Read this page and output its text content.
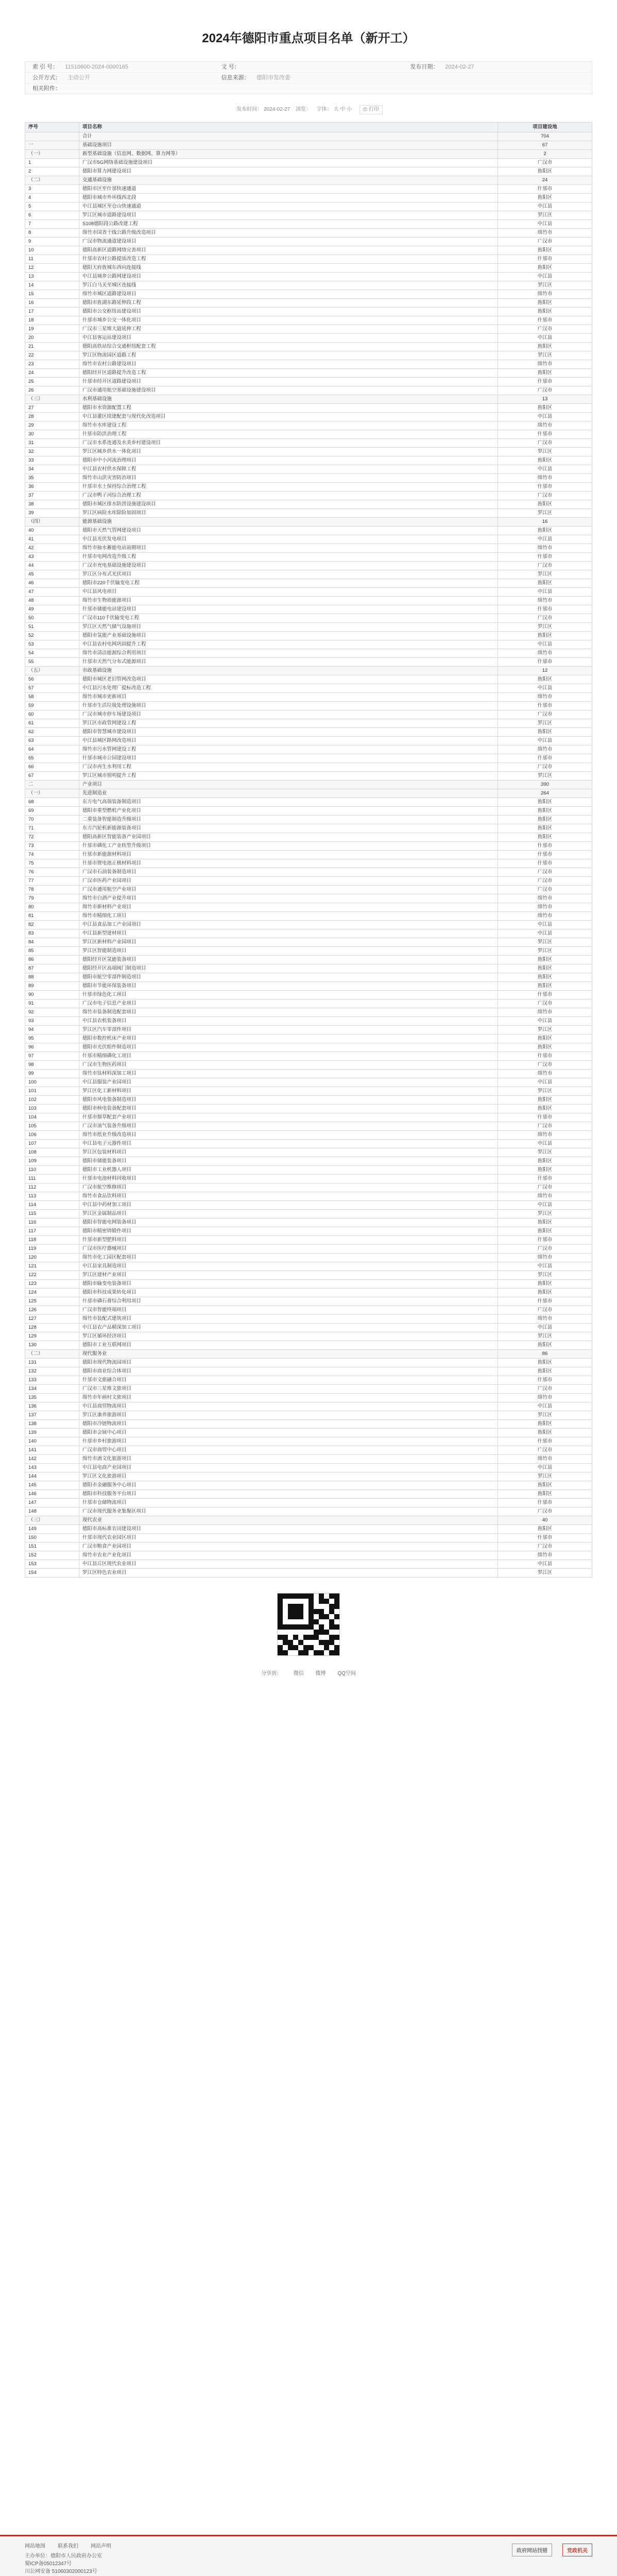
2024年德阳市重点项目名单（新开工）
索 引 号： 11510600-2024-0000165	文 号：	发布日期： 2024-02-27
公开方式： 主动公开	信息来源： 德阳市发改委
相关附件：
发布时间： 2024-02-27 浏览： 字体： 大 中 小 ⎙ 打印
序号	项目名称	项目建设地
	合计	704
一	基础设施项目	67
（一）	新型基础设施（信息网、数据网、算力网等）	2
1	广汉市5G网络基础设施建设项目	广汉市
2	德阳市算力网建设项目	旌阳区
（二）	交通基础设施	24
3	德阳市区至什邡快速通道	什邡市
4	德阳市城市外环线西北段	旌阳区
5	中江县城区至仓山快速通道	中江县
6	罗江区城市道路建设项目	罗江区
7	S108德阳段公路改建工程	中江县
8	绵竹市国省干线公路升级改造项目	绵竹市
9	广汉市物流通道建设项目	广汉市
10	德阳高新区道路网络完善项目	旌阳区
11	什邡市农村公路提质改造工程	什邡市
12	德阳天府旌城东西向连接线	旌阳区
13	中江县城乡公路网建设项目	中江县
14	罗江白马关至城区连接线	罗江区
15	绵竹市城区道路建设项目	绵竹市
16	德阳市旌湖东路延伸段工程	旌阳区
17	德阳市公交枢纽站建设项目	旌阳区
18	什邡市城乡公交一体化项目	什邡市
19	广汉市三星堆大道延伸工程	广汉市
20	中江县客运站建设项目	中江县
21	德阳高铁站综合交通枢纽配套工程	旌阳区
22	罗江区物流园区道路工程	罗江区
23	绵竹市农村公路建设项目	绵竹市
24	德阳经开区道路提升改造工程	旌阳区
25	什邡市经开区道路建设项目	什邡市
26	广汉市通用航空基础设施建设项目	广汉市
（三）	水利基础设施	13
27	德阳市水资源配置工程	旌阳区
28	中江县灌区续建配套与现代化改造项目	中江县
29	绵竹市水库建设工程	绵竹市
30	什邡市防洪治理工程	什邡市
31	广汉市水系连通及水美乡村建设项目	广汉市
32	罗江区城乡供水一体化项目	罗江区
33	德阳市中小河流治理项目	旌阳区
34	中江县农村供水保障工程	中江县
35	绵竹市山洪灾害防治项目	绵竹市
36	什邡市水土保持综合治理工程	什邡市
37	广汉市鸭子河综合治理工程	广汉市
38	德阳市城区排水防涝设施建设项目	旌阳区
39	罗江区病险水库除险加固项目	罗江区
（四）	能源基础设施	16
40	德阳市天然气管网建设项目	旌阳区
41	中江县光伏发电项目	中江县
42	绵竹市抽水蓄能电站前期项目	绵竹市
43	什邡市电网改造升级工程	什邡市
44	广汉市充电基础设施建设项目	广汉市
45	罗江区分布式光伏项目	罗江区
46	德阳市220千伏输变电工程	旌阳区
47	中江县风电项目	中江县
48	绵竹市生物质能源项目	绵竹市
49	什邡市储能电站建设项目	什邡市
50	广汉市110千伏输变电工程	广汉市
51	罗江区天然气储气设施项目	罗江区
52	德阳市氢能产业基础设施项目	旌阳区
53	中江县农村电网巩固提升工程	中江县
54	绵竹市清洁能源综合利用项目	绵竹市
55	什邡市天然气分布式能源项目	什邡市
（五）	市政基础设施	12
56	德阳市城区老旧管网改造项目	旌阳区
57	中江县污水处理厂提标改造工程	中江县
58	绵竹市城市更新项目	绵竹市
59	什邡市生活垃圾处理设施项目	什邡市
60	广汉市城市停车场建设项目	广汉市
61	罗江区市政管网建设工程	罗江区
62	德阳市智慧城市建设项目	旌阳区
63	中江县城区路网改造项目	中江县
64	绵竹市污水管网建设工程	绵竹市
65	什邡市城市公园建设项目	什邡市
66	广汉市再生水利用工程	广汉市
67	罗江区城市照明提升工程	罗江区
二	产业项目	390
（一）	先进制造业	264
68	东方电气高端装备制造项目	旌阳区
69	德阳市重型燃机产业化项目	旌阳区
70	二重装备智能制造升级项目	旌阳区
71	东方汽轮机新能源装备项目	旌阳区
72	德阳高新区智能装备产业园项目	旌阳区
73	什邡市磷化工产业转型升级项目	什邡市
74	什邡市新能源材料项目	什邡市
75	什邡市锂电池正极材料项目	什邡市
76	广汉市石油装备制造项目	广汉市
77	广汉市医药产业园项目	广汉市
78	广汉市通用航空产业项目	广汉市
79	绵竹市白酒产业提升项目	绵竹市
80	绵竹市新材料产业项目	绵竹市
81	绵竹市精细化工项目	绵竹市
82	中江县食品加工产业园项目	中江县
83	中江县新型建材项目	中江县
84	罗江区新材料产业园项目	罗江区
85	罗江区智能制造项目	罗江区
86	德阳经开区氢能装备项目	旌阳区
87	德阳经开区高端阀门制造项目	旌阳区
88	德阳市航空零部件制造项目	旌阳区
89	德阳市节能环保装备项目	旌阳区
90	什邡市绿色化工项目	什邡市
91	广汉市电子信息产业项目	广汉市
92	绵竹市装备制造配套项目	绵竹市
93	中江县农机装备项目	中江县
94	罗江区汽车零部件项目	罗江区
95	德阳市数控机床产业项目	旌阳区
96	德阳市光伏组件制造项目	旌阳区
97	什邡市精细磷化工项目	什邡市
98	广汉市生物医药项目	广汉市
99	绵竹市钛材料深加工项目	绵竹市
100	中江县服装产业园项目	中江县
101	罗江区化工新材料项目	罗江区
102	德阳市风电装备制造项目	旌阳区
103	德阳市核电装备配套项目	旌阳区
104	什邡市烟草配套产业项目	什邡市
105	广汉市油气装备升级项目	广汉市
106	绵竹市纸业升级改造项目	绵竹市
107	中江县电子元器件项目	中江县
108	罗江区包装材料项目	罗江区
109	德阳市储能装备项目	旌阳区
110	德阳市工业机器人项目	旌阳区
111	什邡市电池材料回收项目	什邡市
112	广汉市航空维修项目	广汉市
113	绵竹市食品饮料项目	绵竹市
114	中江县中药材加工项目	中江县
115	罗江区金属制品项目	罗江区
116	德阳市智能电网装备项目	旌阳区
117	德阳市精密铸锻件项目	旌阳区
118	什邡市新型肥料项目	什邡市
119	广汉市医疗器械项目	广汉市
120	绵竹市化工园区配套项目	绵竹市
121	中江县家具制造项目	中江县
122	罗江区建材产业项目	罗江区
123	德阳市输变电装备项目	旌阳区
124	德阳市科技成果转化项目	旌阳区
125	什邡市磷石膏综合利用项目	什邡市
126	广汉市智能终端项目	广汉市
127	绵竹市装配式建筑项目	绵竹市
128	中江县农产品精深加工项目	中江县
129	罗江区循环经济项目	罗江区
130	德阳市工业互联网项目	旌阳区
（二）	现代服务业	86
131	德阳市现代物流园项目	旌阳区
132	德阳市商业综合体项目	旌阳区
133	什邡市文旅融合项目	什邡市
134	广汉市三星堆文旅项目	广汉市
135	绵竹市年画村文旅项目	绵竹市
136	中江县商贸物流项目	中江县
137	罗江区康养旅游项目	罗江区
138	德阳市冷链物流项目	旌阳区
139	德阳市会展中心项目	旌阳区
140	什邡市乡村旅游项目	什邡市
141	广汉市商贸中心项目	广汉市
142	绵竹市酒文化旅游项目	绵竹市
143	中江县电商产业园项目	中江县
144	罗江区文化旅游项目	罗江区
145	德阳市金融服务中心项目	旌阳区
146	德阳市科技服务平台项目	旌阳区
147	什邡市仓储物流项目	什邡市
148	广汉市现代服务业集聚区项目	广汉市
（三）	现代农业	40
149	德阳市高标准农田建设项目	旌阳区
150	什邡市现代农业园区项目	什邡市
151	广汉市粮食产业园项目	广汉市
152	绵竹市农业产业化项目	绵竹市
153	中江县丘区现代农业项目	中江县
154	罗江区特色农业项目	罗江区
分享到： 微信 微博 QQ空间
网站地图 联系我们 网站声明
主办单位：德阳市人民政府办公室
蜀ICP备05012347号
川公网安备 51060302000123号
政府网站找错	党政机关
